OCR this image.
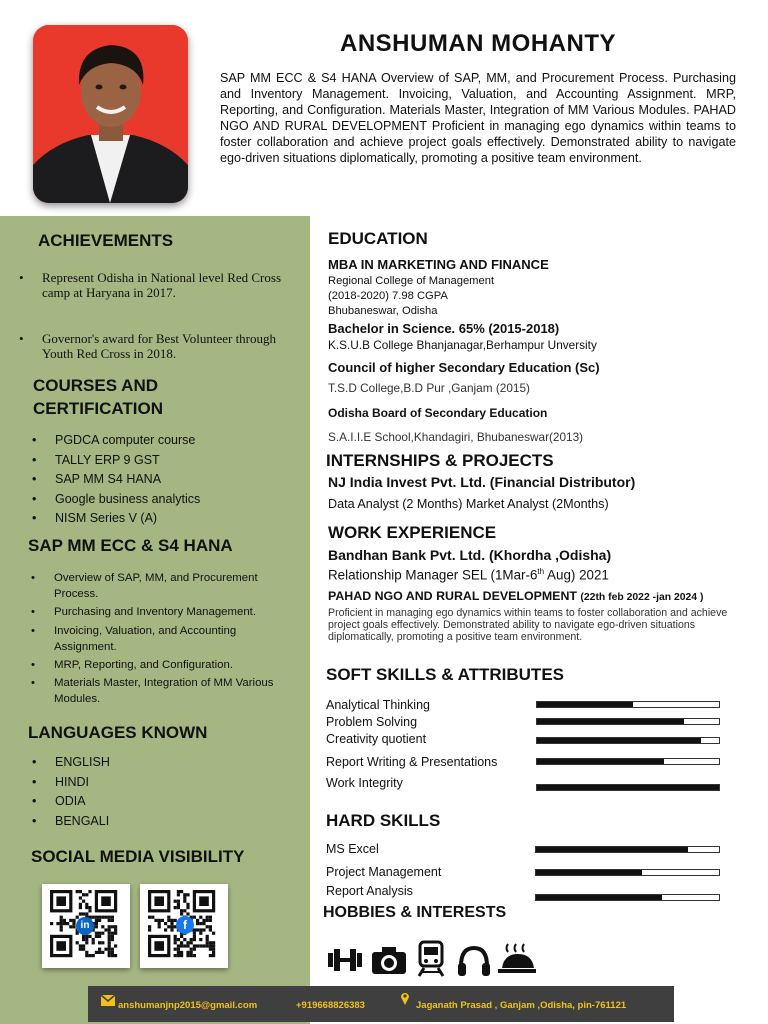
ANSHUMAN MOHANTY

SAP MM ECC & S4 HANA Overview of SAP, MM, and Procurement Process. Purchasing and Inventory Management. Invoicing, Valuation, and Accounting Assignment. MRP, Reporting, and Configuration. Materials Master, Integration of MM Various Modules. PAHAD NGO AND RURAL DEVELOPMENT Proficient in managing ego dynamics within teams to foster collaboration and achieve project goals effectively. Demonstrated ability to navigate ego-driven situations diplomatically, promoting a positive team environment.

ACHIEVEMENTS
• Represent Odisha in National level Red Cross camp at Haryana in 2017.
• Governor's award for Best Volunteer through Youth Red Cross in 2018.
COURSES AND
CERTIFICATION
• PGDCA computer course
• TALLY ERP 9 GST
• SAP MM S4 HANA
• Google business analytics
• NISM Series V (A)
SAP MM ECC & S4 HANA
• Overview of SAP, MM, and Procurement Process.
• Purchasing and Inventory Management.
• Invoicing, Valuation, and Accounting Assignment.
• MRP, Reporting, and Configuration.
• Materials Master, Integration of MM Various Modules.
LANGUAGES KNOWN
• ENGLISH
• HINDI
• ODIA
• BENGALI
SOCIAL MEDIA VISIBILITY
in	f
EDUCATION

MBA IN MARKETING AND FINANCE

Regional College of Management

(2018-2020) 7.98 CGPA

Bhubaneswar, Odisha

Bachelor in Science. 65% (2015-2018)

K.S.U.B College Bhanjanagar,Berhampur Unversity

Council of higher Secondary Education (Sc)

T.S.D College,B.D Pur ,Ganjam (2015)

Odisha Board of Secondary Education

S.A.I.I.E School,Khandagiri, Bhubaneswar(2013)

INTERNSHIPS & PROJECTS

NJ India Invest Pvt. Ltd. (Financial Distributor)

Data Analyst (2 Months) Market Analyst (2Months)

WORK EXPERIENCE

Bandhan Bank Pvt. Ltd. (Khordha ,Odisha)

Relationship Manager SEL (1Mar-6th Aug) 2021

PAHAD NGO AND RURAL DEVELOPMENT (22th feb 2022 -jan 2024 )

Proficient in managing ego dynamics within teams to foster collaboration and achieve project goals effectively. Demonstrated ability to navigate ego-driven situations diplomatically, promoting a positive team environment.

SOFT SKILLS & ATTRIBUTES

Analytical Thinking

Problem Solving

Creativity quotient

Report Writing & Presentations

Work Integrity

HARD SKILLS

MS Excel

Project Management

Report Analysis

HOBBIES & INTERESTS
anshumanjnp2015@gmail.com	+919668826383	Jaganath Prasad , Ganjam ,Odisha, pin-761121
